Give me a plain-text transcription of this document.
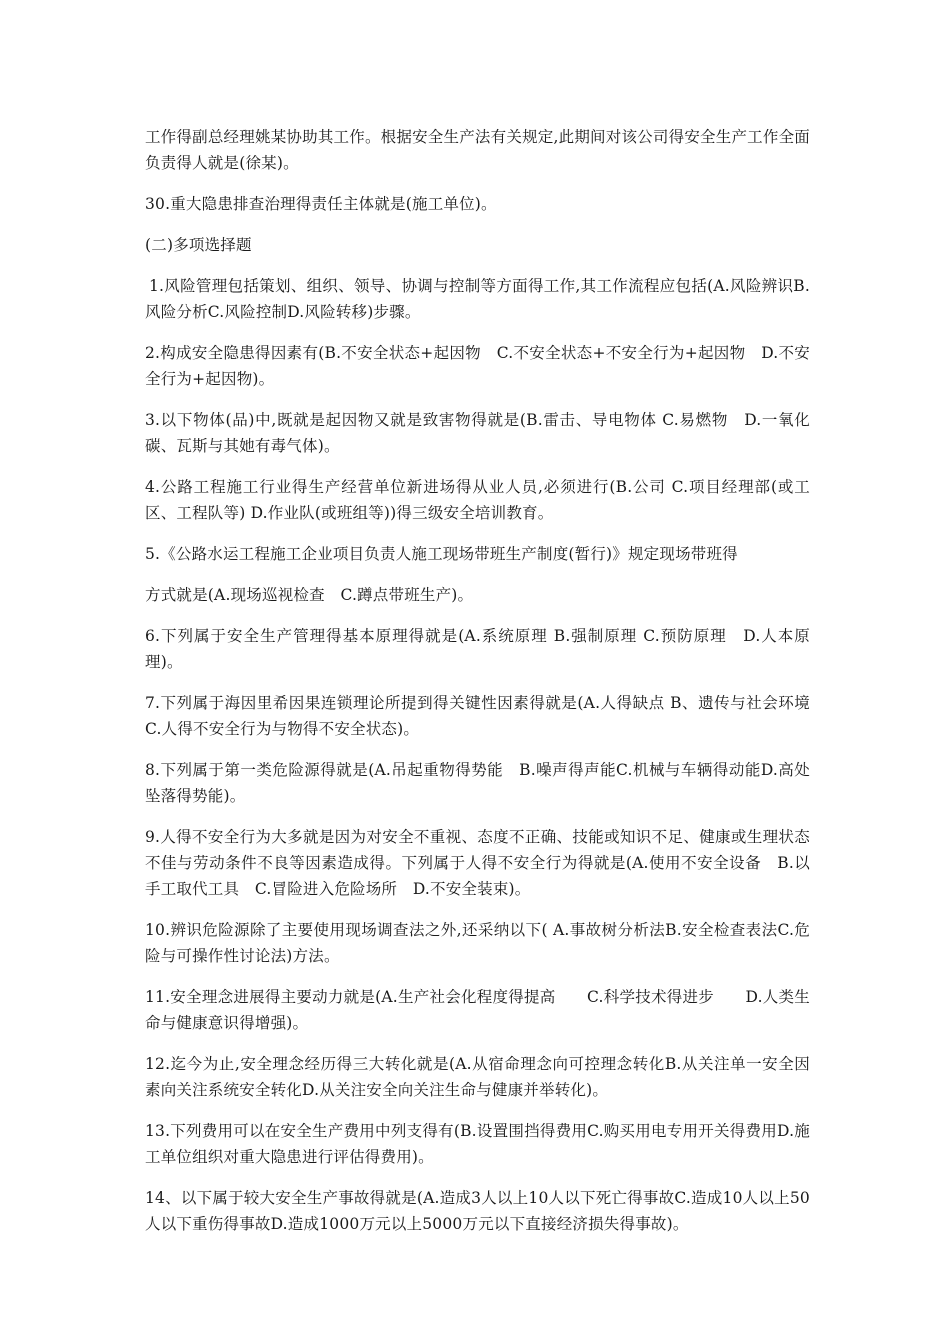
工作得副总经理姚某协助其工作。根据安全生产法有关规定,此期间对该公司得安全生产工作全面负责得人就是(徐某)。

30.重大隐患排查治理得责任主体就是(施工单位)。

(二)多项选择题

1.风险管理包括策划、组织、领导、协调与控制等方面得工作,其工作流程应包括(A.风险辨识B.风险分析C.风险控制D.风险转移)步骤。

2.构成安全隐患得因素有(B.不安全状态+起因物　C.不安全状态+不安全行为+起因物　D.不安全行为+起因物)。

3.以下物体(品)中,既就是起因物又就是致害物得就是(B.雷击、导电物体 C.易燃物　D.一氧化碳、瓦斯与其她有毒气体)。

4.公路工程施工行业得生产经营单位新进场得从业人员,必须进行(B.公司 C.项目经理部(或工区、工程队等) D.作业队(或班组等))得三级安全培训教育。

5.《公路水运工程施工企业项目负责人施工现场带班生产制度(暂行)》规定现场带班得

方式就是(A.现场巡视检查　C.蹲点带班生产)。

6.下列属于安全生产管理得基本原理得就是(A.系统原理 B.强制原理 C.预防原理　D.人本原理)。

7.下列属于海因里希因果连锁理论所提到得关键性因素得就是(A.人得缺点 B、遗传与社会环境　C.人得不安全行为与物得不安全状态)。

8.下列属于第一类危险源得就是(A.吊起重物得势能　B.噪声得声能C.机械与车辆得动能D.高处坠落得势能)。

9.人得不安全行为大多就是因为对安全不重视、态度不正确、技能或知识不足、健康或生理状态不佳与劳动条件不良等因素造成得。下列属于人得不安全行为得就是(A.使用不安全设备　B.以手工取代工具　C.冒险进入危险场所　D.不安全装束)。

10.辨识危险源除了主要使用现场调查法之外,还采纳以下( A.事故树分析法B.安全检查表法C.危险与可操作性讨论法)方法。

11.安全理念进展得主要动力就是(A.生产社会化程度得提高　　C.科学技术得进步　　D.人类生命与健康意识得增强)。

12.迄今为止,安全理念经历得三大转化就是(A.从宿命理念向可控理念转化B.从关注单一安全因素向关注系统安全转化D.从关注安全向关注生命与健康并举转化)。

13.下列费用可以在安全生产费用中列支得有(B.设置围挡得费用C.购买用电专用开关得费用D.施工单位组织对重大隐患进行评估得费用)。

14、以下属于较大安全生产事故得就是(A.造成3人以上10人以下死亡得事故C.造成10人以上50人以下重伤得事故D.造成1000万元以上5000万元以下直接经济损失得事故)。
